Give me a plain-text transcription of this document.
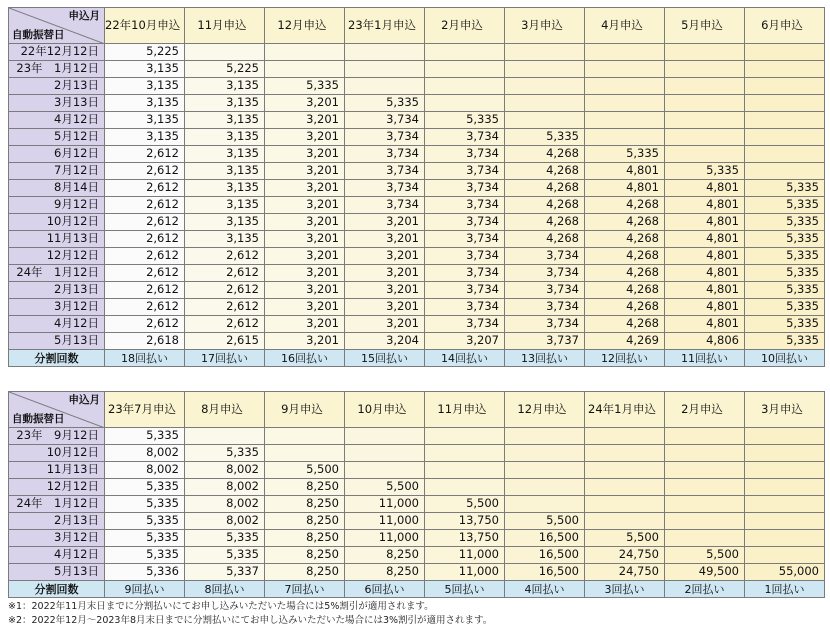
申込月
自動振替日	22年10月申込	11月申込	12月申込	23年1月申込	2月申込	3月申込	4月申込	5月申込	6月申込
22年12月12日	5,225								
23年　1月12日	3,135	5,225							
2月13日	3,135	3,135	5,335						
3月13日	3,135	3,135	3,201	5,335					
4月12日	3,135	3,135	3,201	3,734	5,335				
5月12日	3,135	3,135	3,201	3,734	3,734	5,335			
6月12日	2,612	3,135	3,201	3,734	3,734	4,268	5,335		
7月12日	2,612	3,135	3,201	3,734	3,734	4,268	4,801	5,335	
8月14日	2,612	3,135	3,201	3,734	3,734	4,268	4,801	4,801	5,335
9月12日	2,612	3,135	3,201	3,734	3,734	4,268	4,268	4,801	5,335
10月12日	2,612	3,135	3,201	3,201	3,734	4,268	4,268	4,801	5,335
11月13日	2,612	3,135	3,201	3,201	3,734	4,268	4,268	4,801	5,335
12月12日	2,612	2,612	3,201	3,201	3,734	3,734	4,268	4,801	5,335
24年　1月12日	2,612	2,612	3,201	3,201	3,734	3,734	4,268	4,801	5,335
2月13日	2,612	2,612	3,201	3,201	3,734	3,734	4,268	4,801	5,335
3月12日	2,612	2,612	3,201	3,201	3,734	3,734	4,268	4,801	5,335
4月12日	2,612	2,612	3,201	3,201	3,734	3,734	4,268	4,801	5,335
5月13日	2,618	2,615	3,201	3,204	3,207	3,737	4,269	4,806	5,335
分割回数	18回払い	17回払い	16回払い	15回払い	14回払い	13回払い	12回払い	11回払い	10回払い
申込月
自動振替日	23年7月申込	8月申込	9月申込	10月申込	11月申込	12月申込	24年1月申込	2月申込	3月申込
23年　9月12日	5,335								
10月12日	8,002	5,335							
11月13日	8,002	8,002	5,500						
12月12日	5,335	8,002	8,250	5,500					
24年　1月12日	5,335	8,002	8,250	11,000	5,500				
2月13日	5,335	8,002	8,250	11,000	13,750	5,500			
3月12日	5,335	5,335	8,250	11,000	13,750	16,500	5,500		
4月12日	5,335	5,335	8,250	8,250	11,000	16,500	24,750	5,500	
5月13日	5,336	5,337	8,250	8,250	11,000	16,500	24,750	49,500	55,000
分割回数	9回払い	8回払い	7回払い	6回払い	5回払い	4回払い	3回払い	2回払い	1回払い
※1：2022年11月末日までに分割払いにてお申し込みいただいた場合には5%割引が適用されます。
※2：2022年12月～2023年8月末日までに分割払いにてお申し込みいただいた場合には3%割引が適用されます。
